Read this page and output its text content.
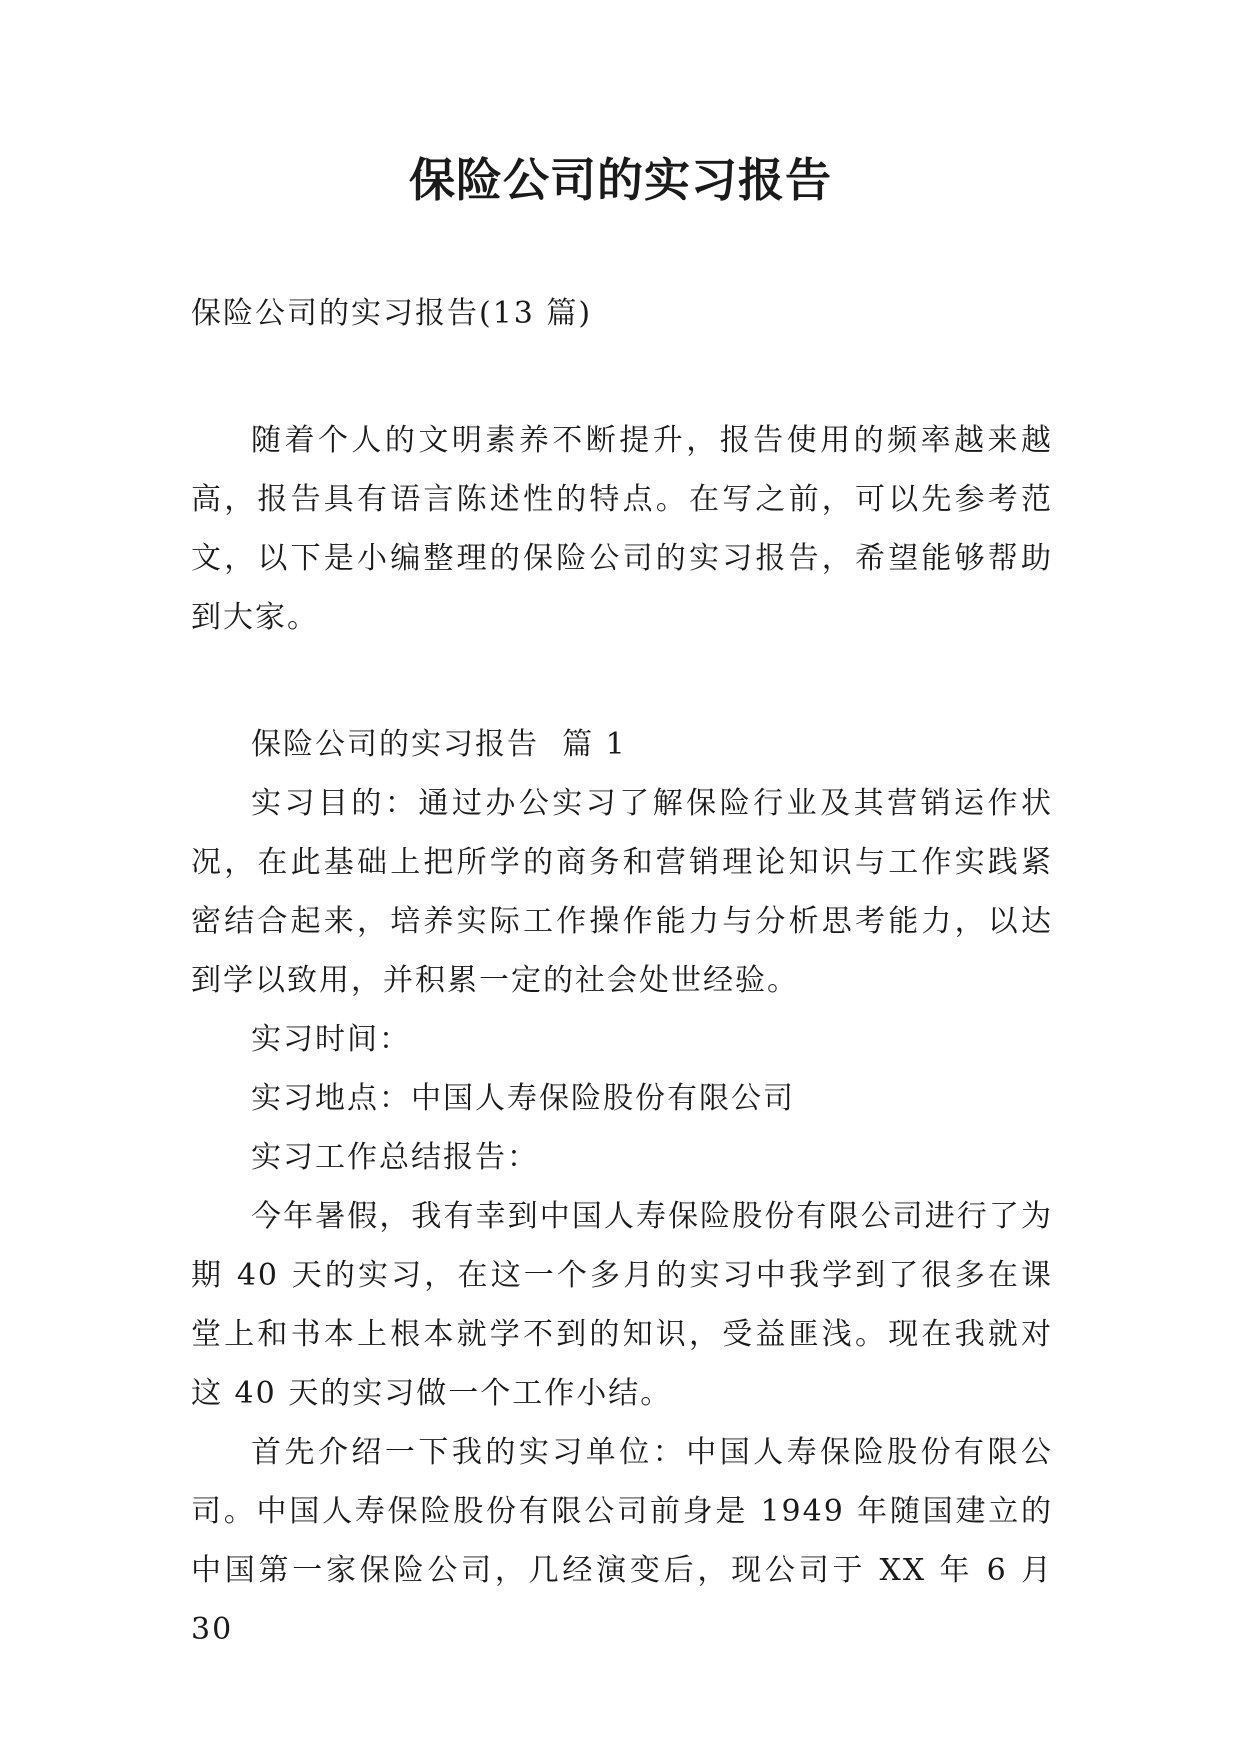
保险公司的实习报告

保险公司的实习报告(13 篇)

随着个人的文明素养不断提升，报告使用的频率越来越高，报告具有语言陈述性的特点。在写之前，可以先参考范文，以下是小编整理的保险公司的实习报告，希望能够帮助到大家。

保险公司的实习报告  篇 1

实习目的：通过办公实习了解保险行业及其营销运作状况，在此基础上把所学的商务和营销理论知识与工作实践紧密结合起来，培养实际工作操作能力与分析思考能力，以达到学以致用，并积累一定的社会处世经验。

实习时间：

实习地点：中国人寿保险股份有限公司

实习工作总结报告：

今年暑假，我有幸到中国人寿保险股份有限公司进行了为期 40 天的实习，在这一个多月的实习中我学到了很多在课堂上和书本上根本就学不到的知识，受益匪浅。现在我就对这 40 天的实习做一个工作小结。

首先介绍一下我的实习单位：中国人寿保险股份有限公司。中国人寿保险股份有限公司前身是 1949 年随国建立的中国第一家保险公司，几经演变后，现公司于 XX 年 6 月 30
